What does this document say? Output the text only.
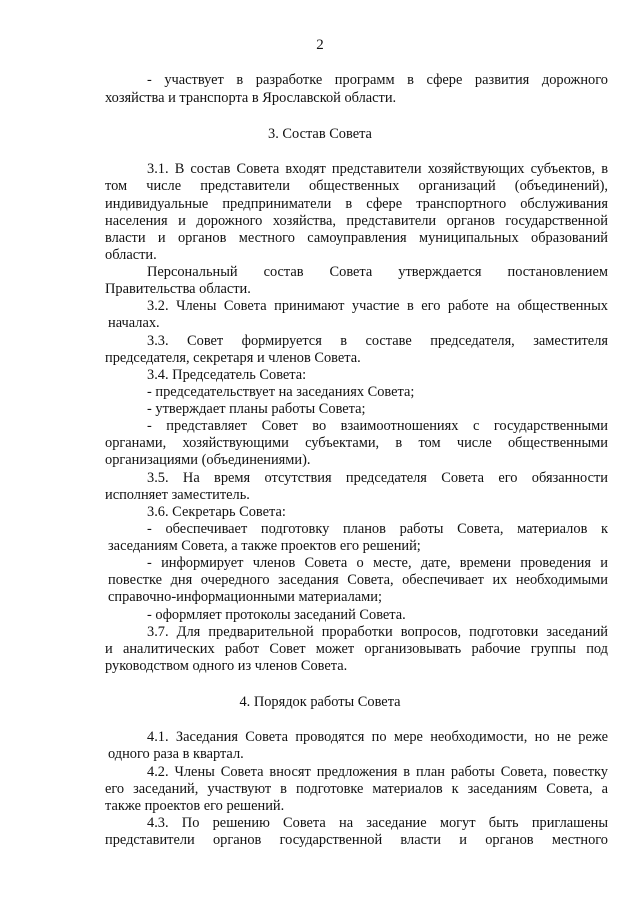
2

- участвует в разработке программ в сфере развития дорожного

хозяйства и транспорта в Ярославской области.

3. Состав Совета

3.1. В состав Совета входят представители хозяйствующих субъектов, в

том числе представители общественных организаций (объединений),

индивидуальные предприниматели в сфере транспортного обслуживания

населения и дорожного хозяйства, представители органов государственной

власти и органов местного самоуправления муниципальных образований

области.

Персональный состав Совета утверждается постановлением

Правительства области.

3.2. Члены Совета принимают участие в его работе на общественных

началах.

3.3. Совет формируется в составе председателя, заместителя

председателя, секретаря и членов Совета.

3.4. Председатель Совета:

- председательствует на заседаниях Совета;

- утверждает планы работы Совета;

- представляет Совет во взаимоотношениях с государственными

органами, хозяйствующими субъектами, в том числе общественными

организациями (объединениями).

3.5. На время отсутствия председателя Совета его обязанности

исполняет заместитель.

3.6. Секретарь Совета:

- обеспечивает подготовку планов работы Совета, материалов к

заседаниям Совета, а также проектов его решений;

- информирует членов Совета о месте, дате, времени проведения и

повестке дня очередного заседания Совета, обеспечивает их необходимыми

справочно-информационными материалами;

- оформляет протоколы заседаний Совета.

3.7. Для предварительной проработки вопросов, подготовки заседаний

и аналитических работ Совет может организовывать рабочие группы под

руководством одного из членов Совета.

4. Порядок работы Совета

4.1. Заседания Совета проводятся по мере необходимости, но не реже

одного раза в квартал.

4.2. Члены Совета вносят предложения в план работы Совета, повестку

его заседаний, участвуют в подготовке материалов к заседаниям Совета, а

также проектов его решений.

4.3. По решению Совета на заседание могут быть приглашены

представители органов государственной власти и органов местного
